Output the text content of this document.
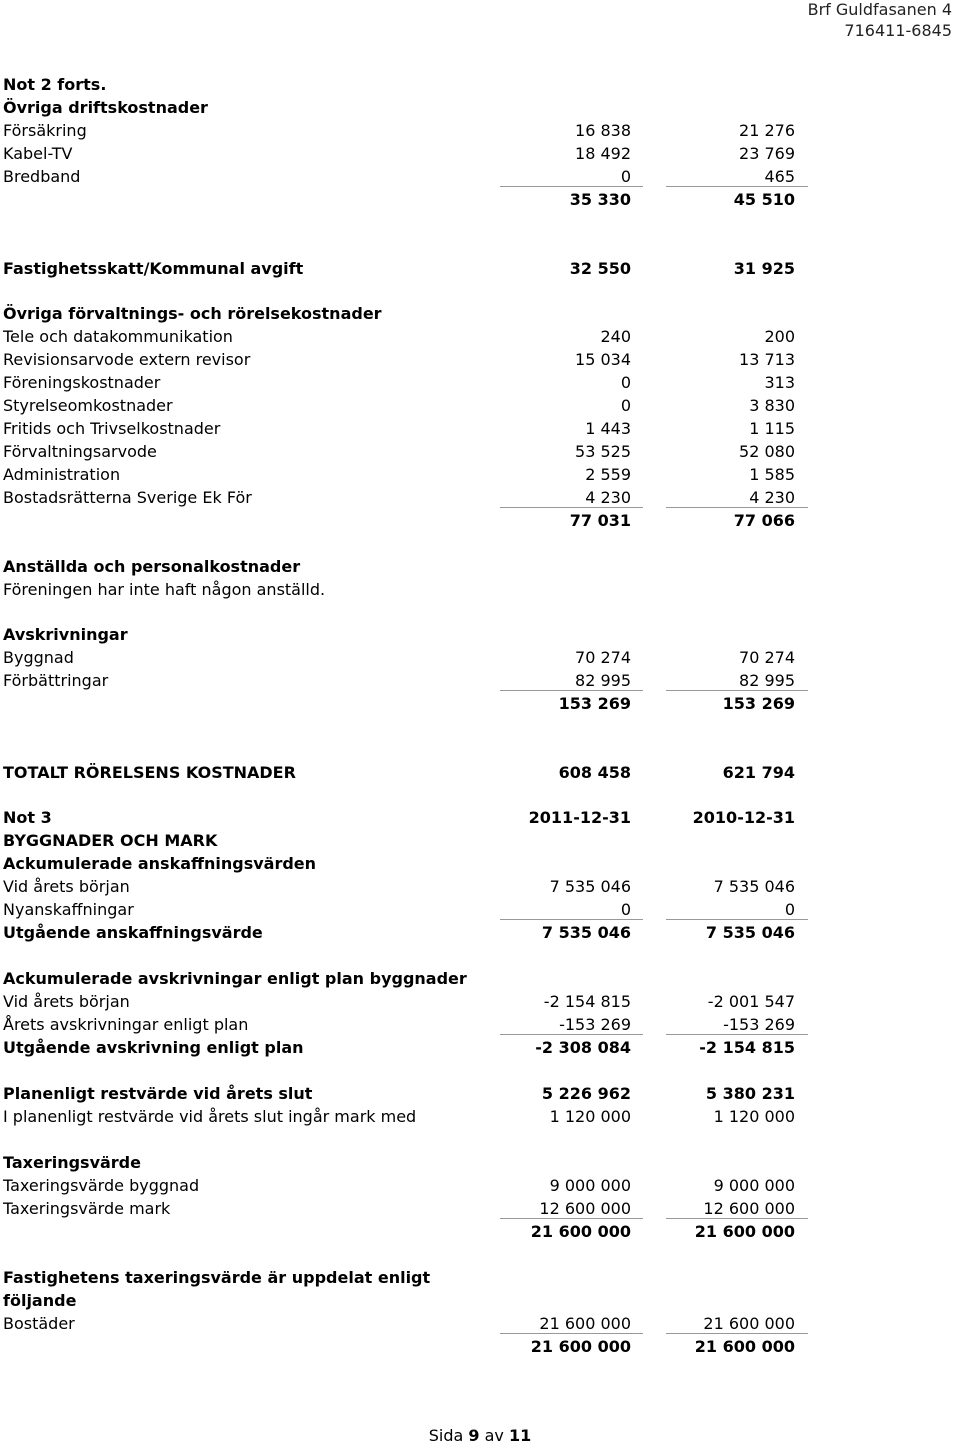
Brf Guldfasanen 4
716411-6845
Not 2 forts.
Övriga driftskostnader
Försäkring	16 838	21 276
Kabel-TV	18 492	23 769
Bredband	0	465
35 330	45 510
Fastighetsskatt/Kommunal avgift	32 550	31 925
Övriga förvaltnings- och rörelsekostnader
Tele och datakommunikation	240	200
Revisionsarvode extern revisor	15 034	13 713
Föreningskostnader	0	313
Styrelseomkostnader	0	3 830
Fritids och Trivselkostnader	1 443	1 115
Förvaltningsarvode	53 525	52 080
Administration	2 559	1 585
Bostadsrätterna Sverige Ek För	4 230	4 230
77 031	77 066
Anställda och personalkostnader
Föreningen har inte haft någon anställd.
Avskrivningar
Byggnad	70 274	70 274
Förbättringar	82 995	82 995
153 269	153 269
TOTALT RÖRELSENS KOSTNADER	608 458	621 794
Not 3	2011-12-31	2010-12-31
BYGGNADER OCH MARK
Ackumulerade anskaffningsvärden
Vid årets början	7 535 046	7 535 046
Nyanskaffningar	0	0
Utgående anskaffningsvärde	7 535 046	7 535 046
Ackumulerade avskrivningar enligt plan byggnader
Vid årets början	-2 154 815	-2 001 547
Årets avskrivningar enligt plan	-153 269	-153 269
Utgående avskrivning enligt plan	-2 308 084	-2 154 815
Planenligt restvärde vid årets slut	5 226 962	5 380 231
I planenligt restvärde vid årets slut ingår mark med	1 120 000	1 120 000
Taxeringsvärde
Taxeringsvärde byggnad	9 000 000	9 000 000
Taxeringsvärde mark	12 600 000	12 600 000
21 600 000	21 600 000
Fastighetens taxeringsvärde är uppdelat enligt
följande
Bostäder	21 600 000	21 600 000
21 600 000	21 600 000
Sida 9 av 11
